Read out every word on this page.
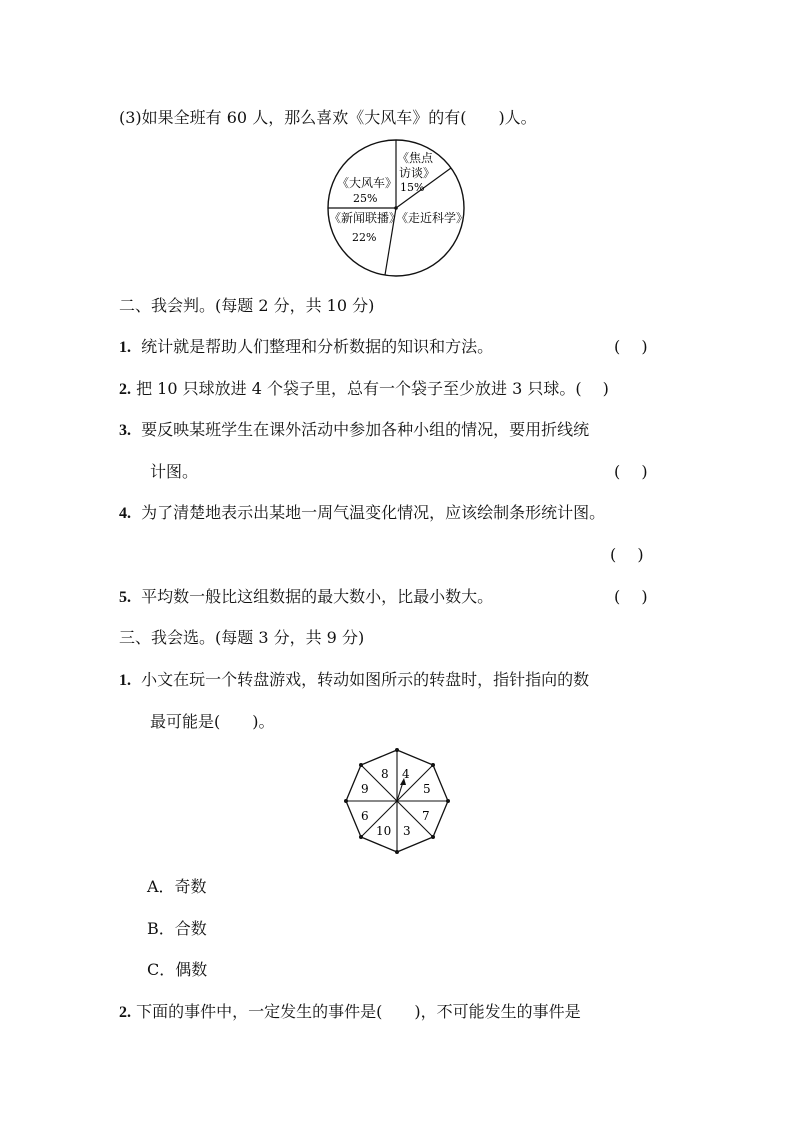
(3)如果全班有 60 人，那么喜欢《大风车》的有(　　)人。
《焦点
访谈》
15%
《大风车》
25%
《新闻联播》
22%
《走近科学》
二、我会判。(每题 2 分，共 10 分)
1. 统计就是帮助人们整理和分析数据的知识和方法。	(　 )
2. 把 10 只球放进 4 个袋子里，总有一个袋子至少放进 3 只球。(　 )
3. 要反映某班学生在课外活动中参加各种小组的情况，要用折线统
计图。	(　 )
4. 为了清楚地表示出某地一周气温变化情况，应该绘制条形统计图。
(　 )
5. 平均数一般比这组数据的最大数小，比最小数大。	(　 )
三、我会选。(每题 3 分，共 9 分)
1. 小文在玩一个转盘游戏，转动如图所示的转盘时，指针指向的数
最可能是(　　)。
8 4
5
7
3
10
6
9
A．奇数
B．合数
C．偶数
2. 下面的事件中，一定发生的事件是(　　)，不可能发生的事件是
